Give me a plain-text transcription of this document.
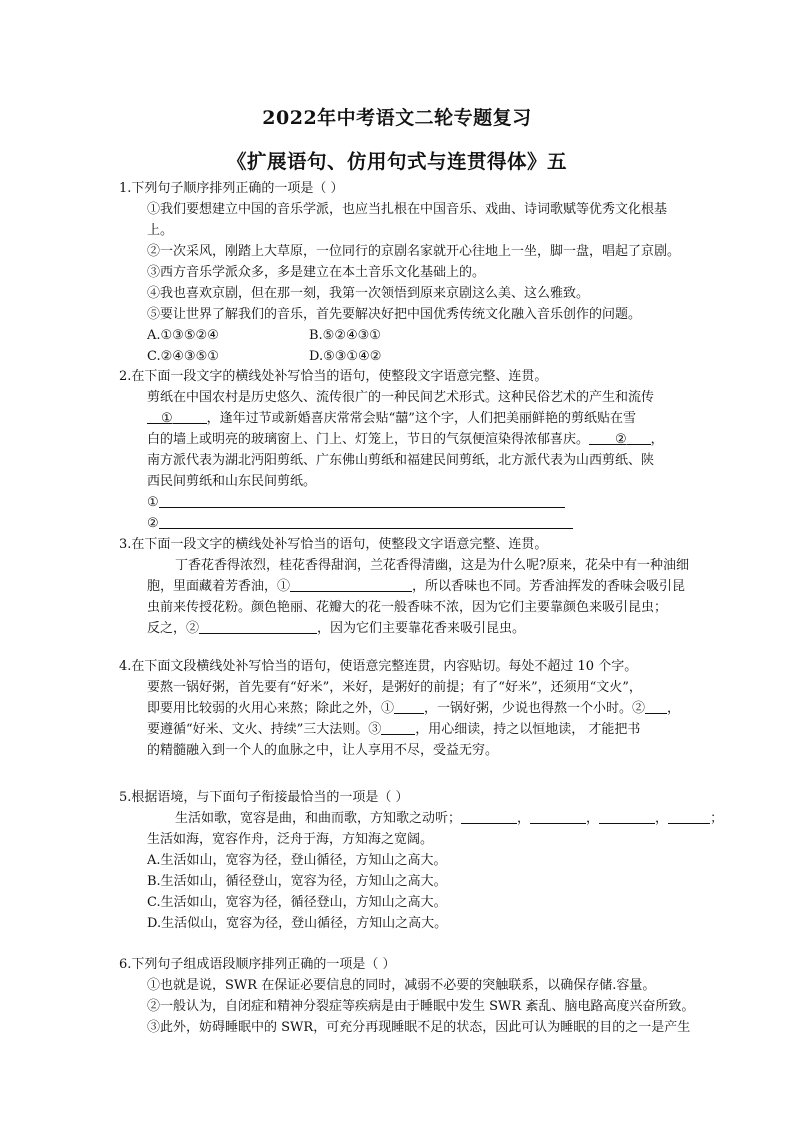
2022年中考语文二轮专题复习
《扩展语句、仿用句式与连贯得体》五
1.下列句子顺序排列正确的一项是（ ）
①我们要想建立中国的音乐学派，也应当扎根在中国音乐、戏曲、诗词歌赋等优秀文化根基
上。
②一次采风，刚踏上大草原，一位同行的京剧名家就开心往地上一坐，脚一盘，唱起了京剧。
③西方音乐学派众多，多是建立在本土音乐文化基础上的。
④我也喜欢京剧，但在那一刻，我第一次领悟到原来京剧这么美、这么雅致。
⑤要让世界了解我们的音乐，首先要解决好把中国优秀传统文化融入音乐创作的问题。
A.①③⑤②④	B.⑤②④③①
C.②④③⑤①	D.⑤③①④②
2.在下面一段文字的横线处补写恰当的语句，使整段文字语意完整、连贯。
剪纸在中国农村是历史悠久、流传很广的一种民间艺术形式。这种民俗艺术的产生和流传
①	，逢年过节或新婚喜庆常常会贴“囍”这个字，人们把美丽鲜艳的剪纸贴在雪
白的墙上或明亮的玻璃窗上、门上、灯笼上，节日的气氛便渲染得浓郁喜庆。 ② ，
南方派代表为湖北沔阳剪纸、广东佛山剪纸和福建民间剪纸，北方派代表为山西剪纸、陕
西民间剪纸和山东民间剪纸。
①
②
3.在下面一段文字的横线处补写恰当的语句，使整段文字语意完整、连贯。
丁香花香得浓烈，桂花香得甜润，兰花香得清幽，这是为什么呢?原来，花朵中有一种油细
胞，里面藏着芳香油，①	，所以香味也不同。芳香油挥发的香味会吸引昆
虫前来传授花粉。颜色艳丽、花瓣大的花一般香味不浓，因为它们主要靠颜色来吸引昆虫；
反之，②	，因为它们主要靠花香来吸引昆虫。
4.在下面文段横线处补写恰当的语句，使语意完整连贯，内容贴切。每处不超过 10 个字。
要熬一锅好粥，首先要有“好米”，米好，是粥好的前提；有了“好米”，还须用“文火”，
即要用比较弱的火用心来熬；除此之外，① ，一锅好粥，少说也得熬一个小时。② ，
要遵循“好米、文火、持续”三大法则。③	，用心细读，持之以恒地读， 才能把书
的精髓融入到一个人的血脉之中，让人享用不尽，受益无穷。
5.根据语境，与下面句子衔接最恰当的一项是（ ）
生活如歌，宽容是曲，和曲而歌，方知歌之动听；	，	，	，	；
生活如海，宽容作舟，泛舟于海，方知海之宽阔。
A.生活如山，宽容为径，登山循径，方知山之高大。
B.生活如山，循径登山，宽容为径，方知山之高大。
C.生活如山，宽容为径，循径登山，方知山之高大。
D.生活似山，宽容为径，登山循径，方知山之高大。
6.下列句子组成语段顺序排列正确的一项是（ ）
①也就是说，SWR 在保证必要信息的同时，减弱不必要的突触联系，以确保存储.容量。
②一般认为，自闭症和精神分裂症等疾病是由于睡眠中发生 SWR 紊乱、脑电路高度兴奋所致。
③此外，妨碍睡眠中的 SWR，可充分再现睡眠不足的状态，因此可认为睡眠的目的之一是产生
